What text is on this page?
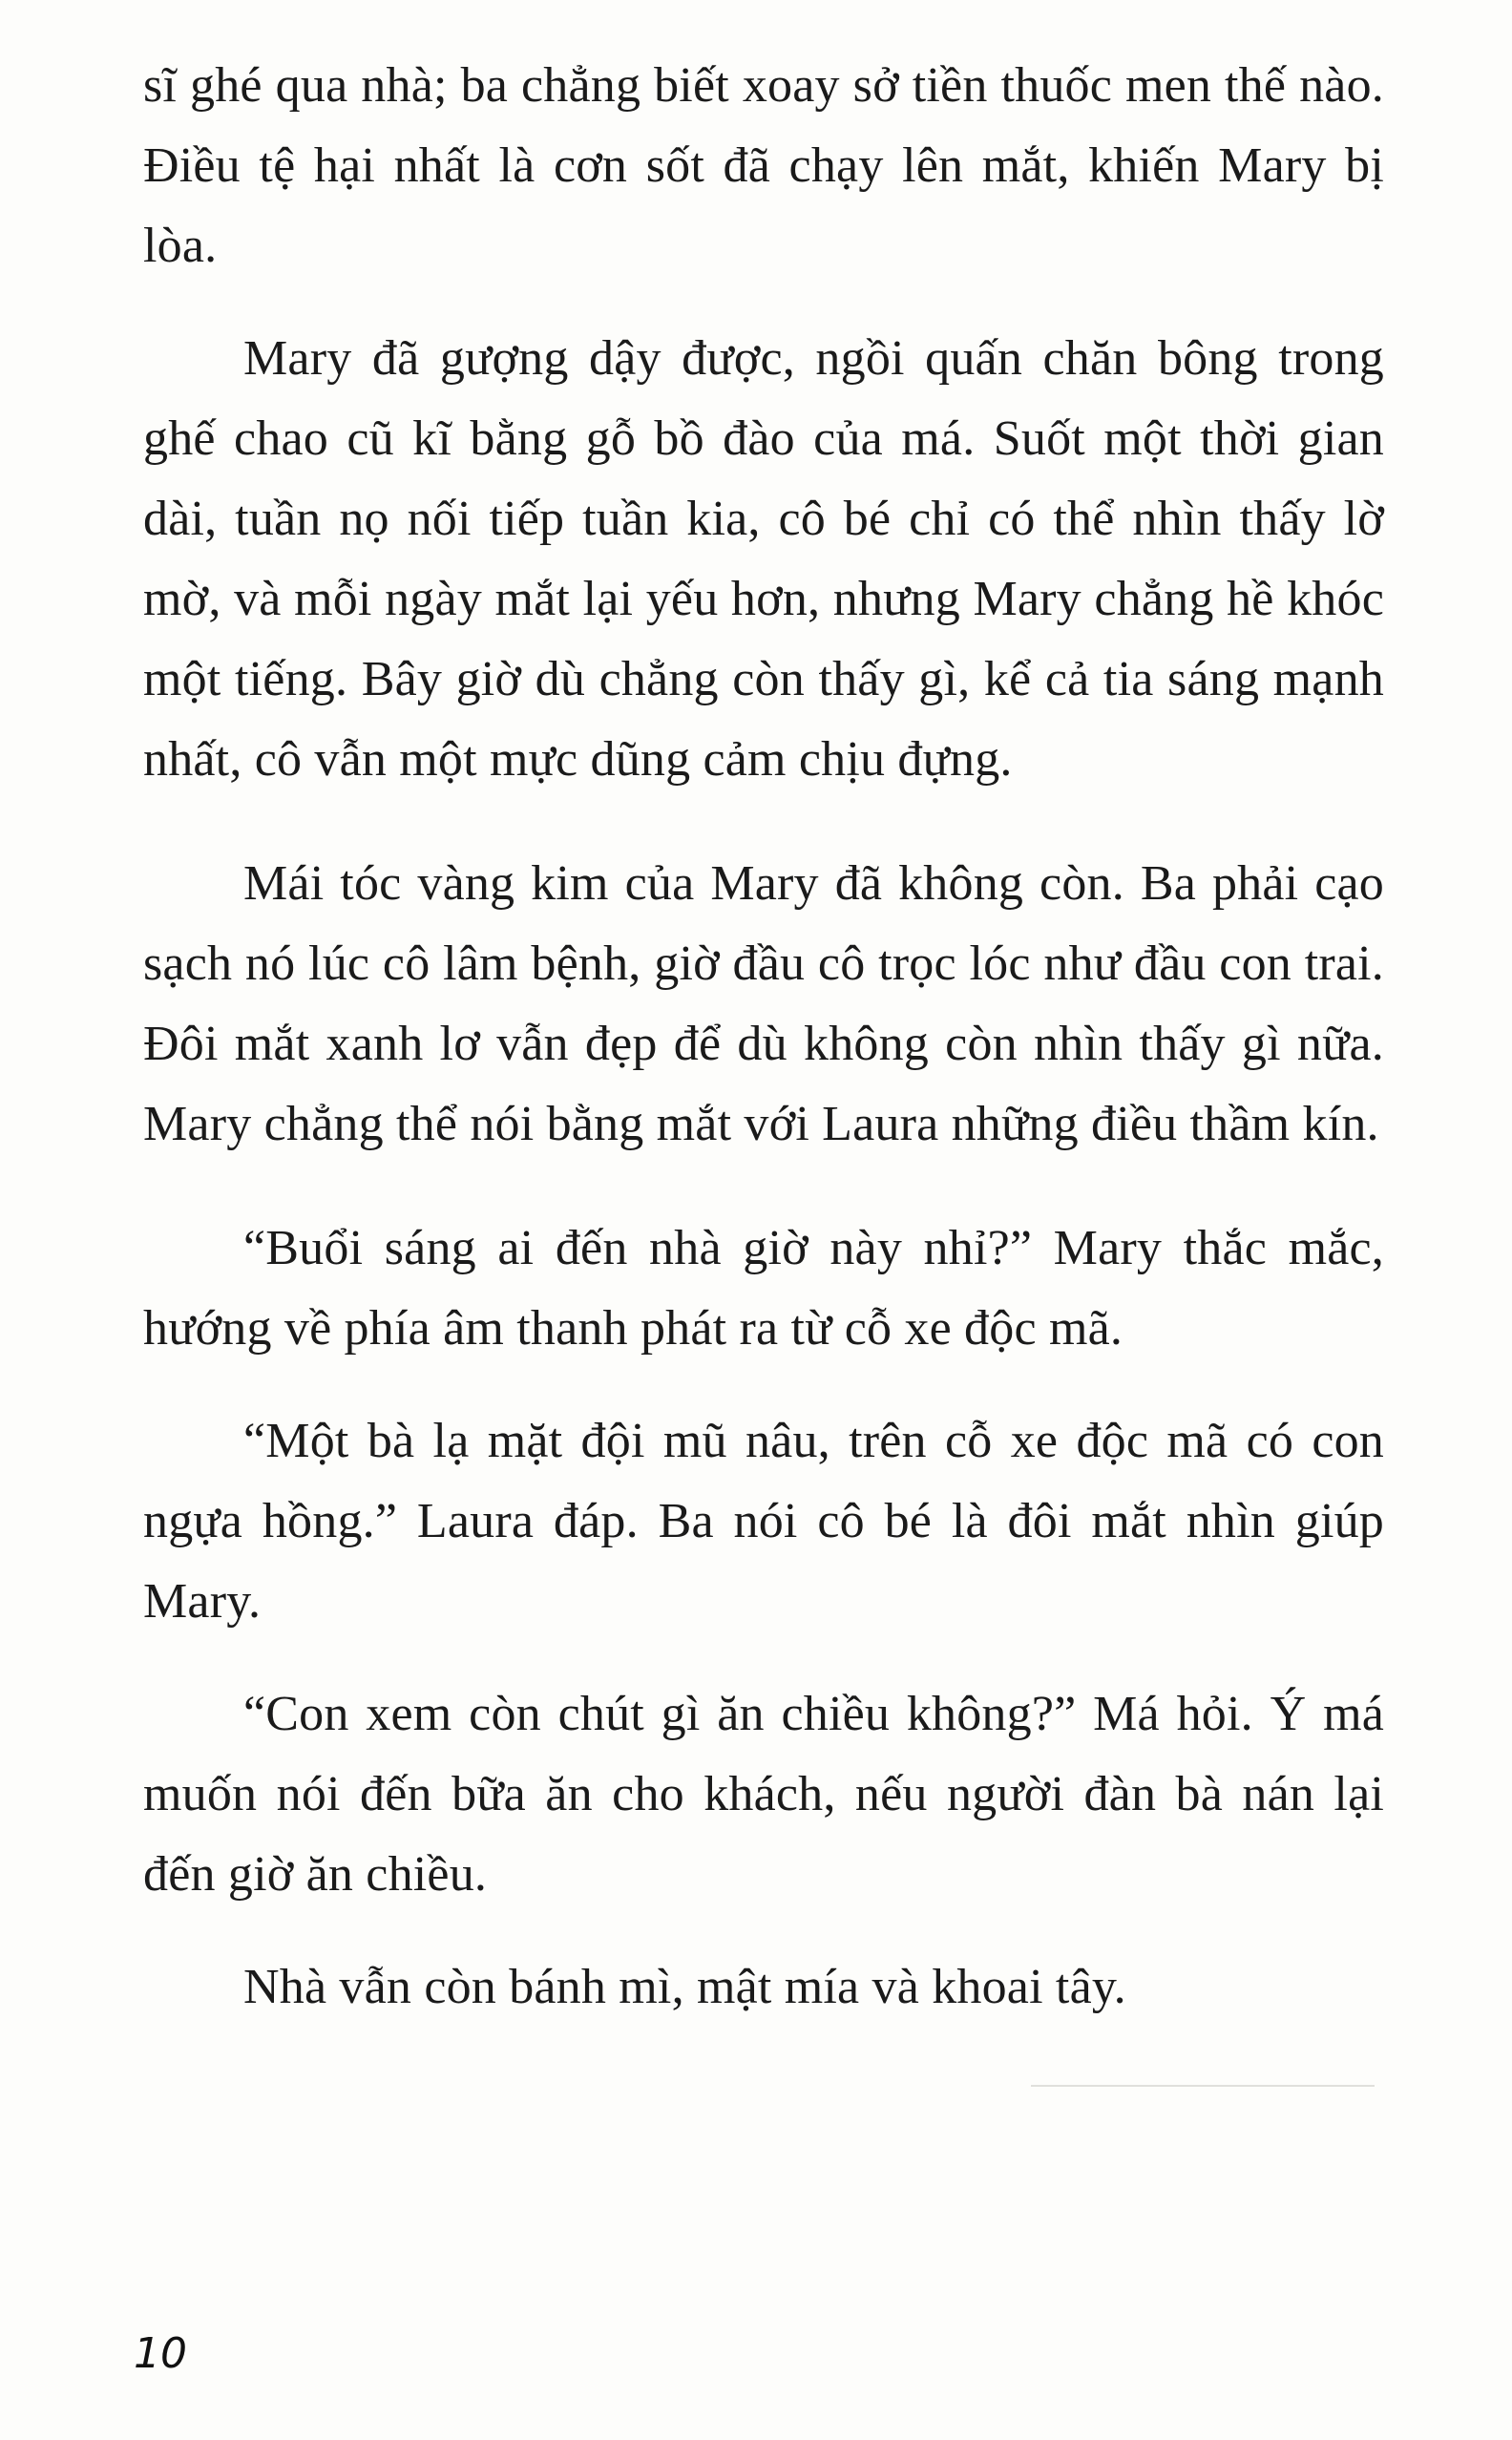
sĩ ghé qua nhà; ba chẳng biết xoay sở tiền thuốc men thế nào. Điều tệ hại nhất là cơn sốt đã chạy lên mắt, khiến Mary bị lòa.

Mary đã gượng dậy được, ngồi quấn chăn bông trong ghế chao cũ kĩ bằng gỗ bồ đào của má. Suốt một thời gian dài, tuần nọ nối tiếp tuần kia, cô bé chỉ có thể nhìn thấy lờ mờ, và mỗi ngày mắt lại yếu hơn, nhưng Mary chẳng hề khóc một tiếng. Bây giờ dù chẳng còn thấy gì, kể cả tia sáng mạnh nhất, cô vẫn một mực dũng cảm chịu đựng.

Mái tóc vàng kim của Mary đã không còn. Ba phải cạo sạch nó lúc cô lâm bệnh, giờ đầu cô trọc lóc như đầu con trai. Đôi mắt xanh lơ vẫn đẹp để dù không còn nhìn thấy gì nữa. Mary chẳng thể nói bằng mắt với Laura những điều thầm kín.

“Buổi sáng ai đến nhà giờ này nhỉ?” Mary thắc mắc, hướng về phía âm thanh phát ra từ cỗ xe độc mã.

“Một bà lạ mặt đội mũ nâu, trên cỗ xe độc mã có con ngựa hồng.” Laura đáp. Ba nói cô bé là đôi mắt nhìn giúp Mary.

“Con xem còn chút gì ăn chiều không?” Má hỏi. Ý má muốn nói đến bữa ăn cho khách, nếu người đàn bà nán lại đến giờ ăn chiều.

Nhà vẫn còn bánh mì, mật mía và khoai tây.

10
